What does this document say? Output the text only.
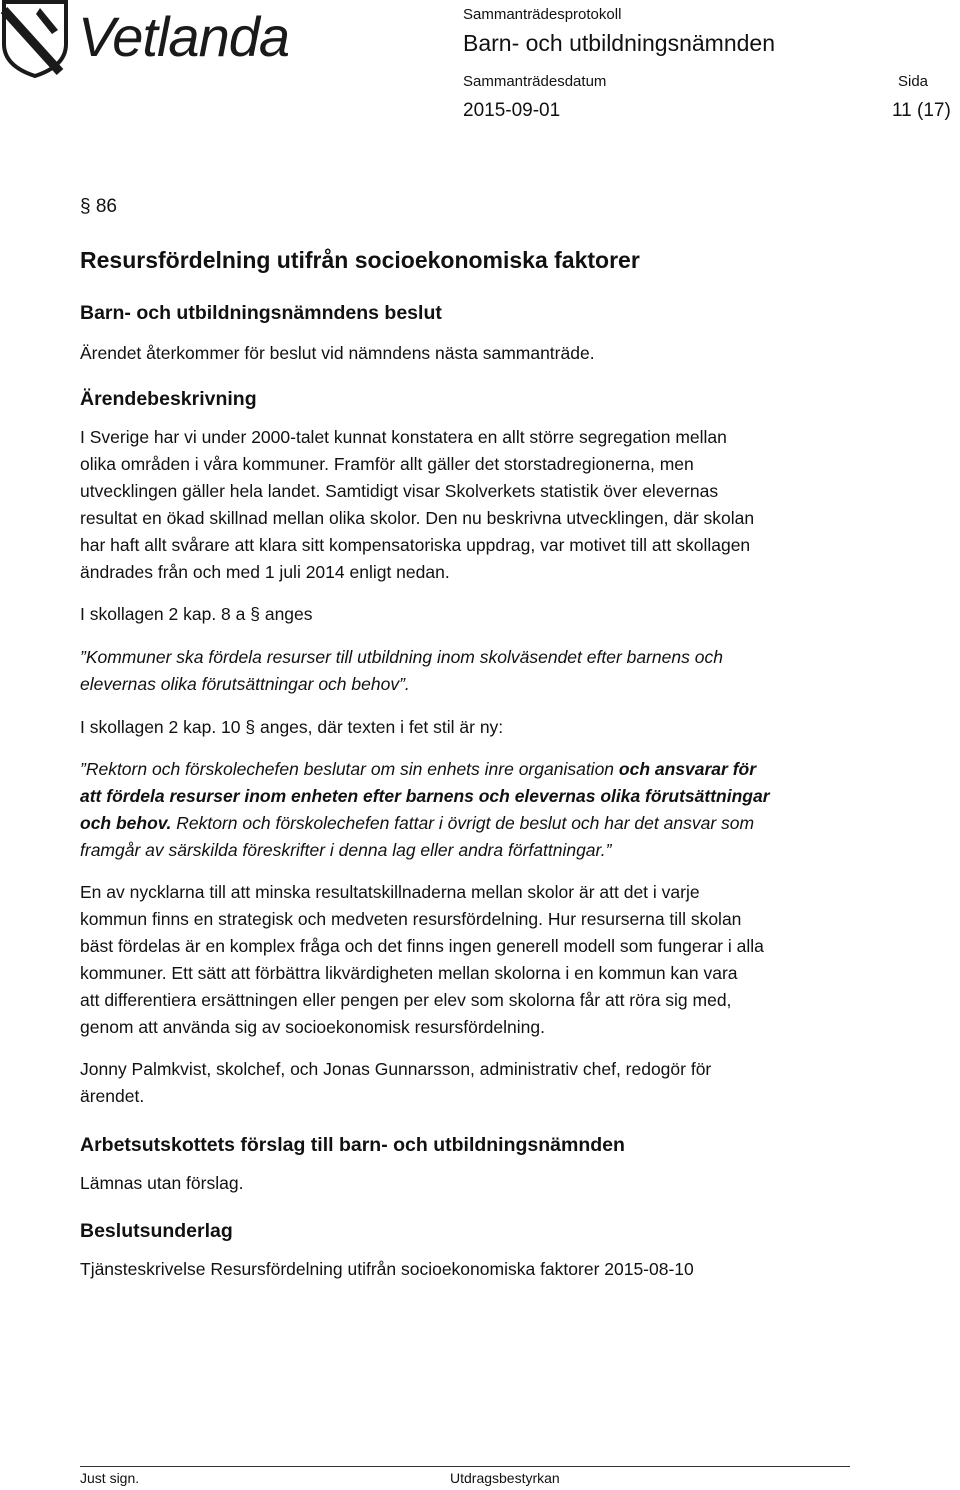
Vetlanda	Sammanträdesprotokoll
Barn- och utbildningsnämnden
Sammanträdesdatum	Sida
2015-09-01	11 (17)
§ 86
Resursfördelning utifrån socioekonomiska faktorer
Barn- och utbildningsnämndens beslut
Ärendet återkommer för beslut vid nämndens nästa sammanträde.
Ärendebeskrivning
I Sverige har vi under 2000-talet kunnat konstatera en allt större segregation mellan
olika områden i våra kommuner. Framför allt gäller det storstadregionerna, men
utvecklingen gäller hela landet. Samtidigt visar Skolverkets statistik över elevernas
resultat en ökad skillnad mellan olika skolor. Den nu beskrivna utvecklingen, där skolan
har haft allt svårare att klara sitt kompensatoriska uppdrag, var motivet till att skollagen
ändrades från och med 1 juli 2014 enligt nedan.
I skollagen 2 kap. 8 a § anges
”Kommuner ska fördela resurser till utbildning inom skolväsendet efter barnens och
elevernas olika förutsättningar och behov”.
I skollagen 2 kap. 10 § anges, där texten i fet stil är ny:
”Rektorn och förskolechefen beslutar om sin enhets inre organisation och ansvarar för
att fördela resurser inom enheten efter barnens och elevernas olika förutsättningar
och behov. Rektorn och förskolechefen fattar i övrigt de beslut och har det ansvar som
framgår av särskilda föreskrifter i denna lag eller andra författningar.”
En av nycklarna till att minska resultatskillnaderna mellan skolor är att det i varje
kommun finns en strategisk och medveten resursfördelning. Hur resurserna till skolan
bäst fördelas är en komplex fråga och det finns ingen generell modell som fungerar i alla
kommuner. Ett sätt att förbättra likvärdigheten mellan skolorna i en kommun kan vara
att differentiera ersättningen eller pengen per elev som skolorna får att röra sig med,
genom att använda sig av socioekonomisk resursfördelning.
Jonny Palmkvist, skolchef, och Jonas Gunnarsson, administrativ chef, redogör för
ärendet.
Arbetsutskottets förslag till barn- och utbildningsnämnden
Lämnas utan förslag.
Beslutsunderlag
Tjänsteskrivelse Resursfördelning utifrån socioekonomiska faktorer 2015-08-10
Just sign.	Utdragsbestyrkan
